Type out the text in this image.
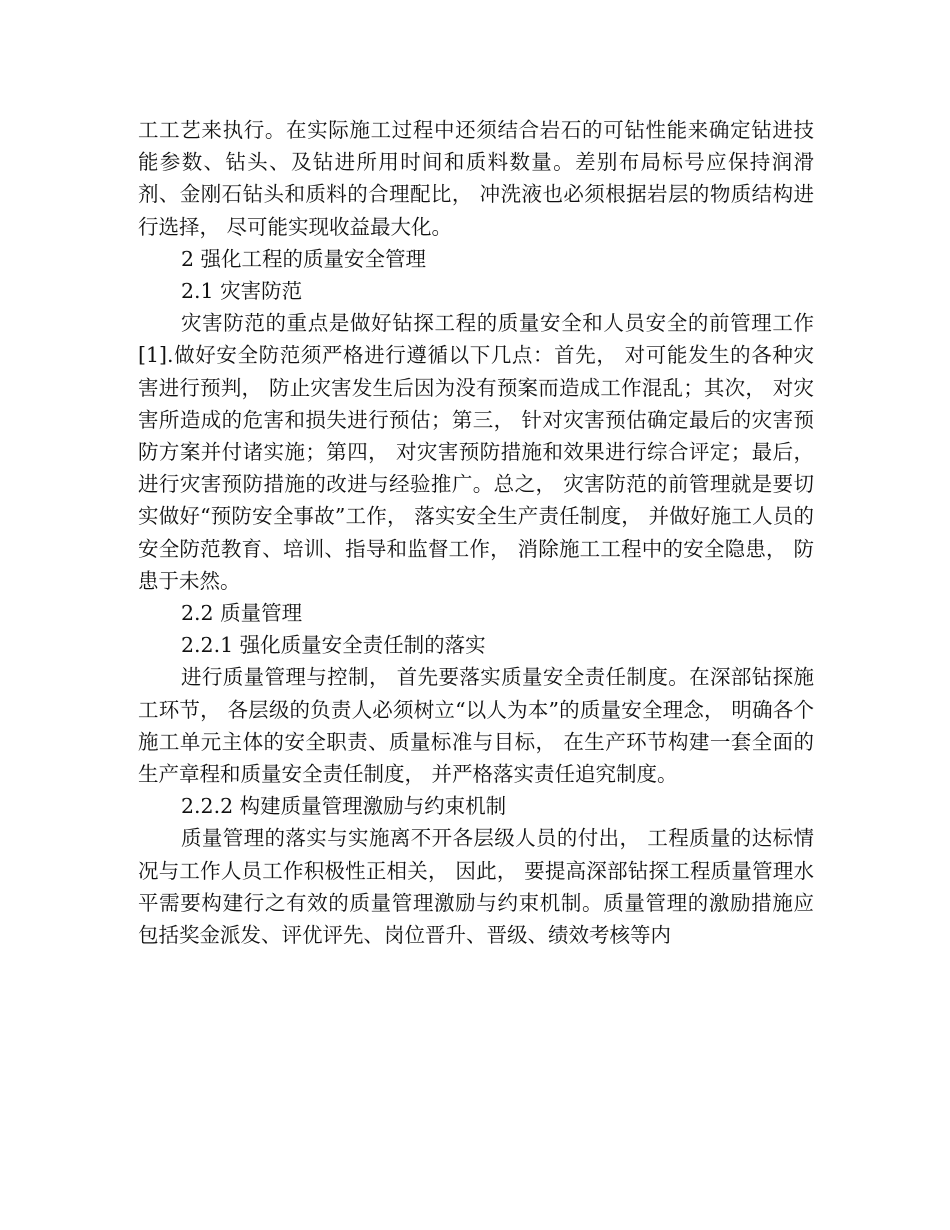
工工艺来执行。在实际施工过程中还须结合岩石的可钻性能来确定钻进技能参数、钻头、及钻进所用时间和质料数量。差别布局标号应保持润滑剂、金刚石钻头和质料的合理配比， 冲洗液也必须根据岩层的物质结构进行选择， 尽可能实现收益最大化。

2 强化工程的质量安全管理

2.1 灾害防范

灾害防范的重点是做好钻探工程的质量安全和人员安全的前管理工作[1].做好安全防范须严格进行遵循以下几点：首先， 对可能发生的各种灾害进行预判， 防止灾害发生后因为没有预案而造成工作混乱；其次， 对灾害所造成的危害和损失进行预估；第三， 针对灾害预估确定最后的灾害预防方案并付诸实施；第四， 对灾害预防措施和效果进行综合评定；最后， 进行灾害预防措施的改进与经验推广。总之， 灾害防范的前管理就是要切实做好“预防安全事故”工作， 落实安全生产责任制度， 并做好施工人员的安全防范教育、培训、指导和监督工作， 消除施工工程中的安全隐患， 防患于未然。

2.2 质量管理

2.2.1 强化质量安全责任制的落实

进行质量管理与控制， 首先要落实质量安全责任制度。在深部钻探施工环节， 各层级的负责人必须树立“以人为本”的质量安全理念， 明确各个施工单元主体的安全职责、质量标准与目标， 在生产环节构建一套全面的生产章程和质量安全责任制度， 并严格落实责任追究制度。

2.2.2 构建质量管理激励与约束机制

质量管理的落实与实施离不开各层级人员的付出， 工程质量的达标情况与工作人员工作积极性正相关， 因此， 要提高深部钻探工程质量管理水平需要构建行之有效的质量管理激励与约束机制。质量管理的激励措施应包括奖金派发、评优评先、岗位晋升、晋级、绩效考核等内
